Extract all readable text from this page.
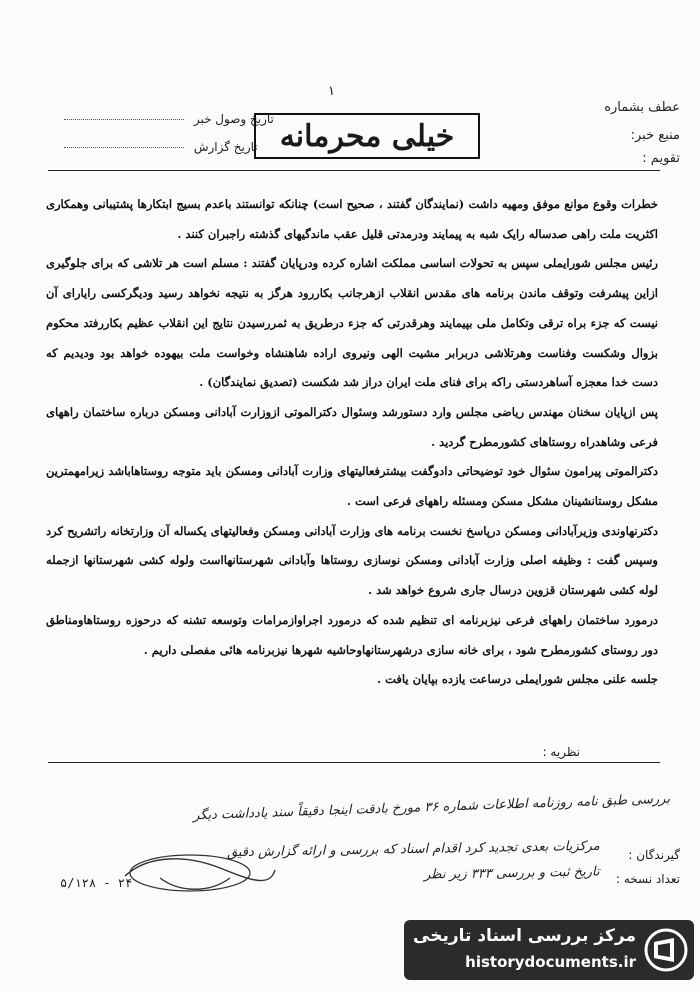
۱
عطف بشماره
منبع خبر:
تقویم :
تاریخ وصول خبر
تاریخ گزارش خیلی محرمانه

خطرات وقوع موانع موفق ومهیه داشت (نمایندگان گفتند ، صحیح است) چنانکه توانستند باعدم بسیج ابتکارها پشتیبانی وهمکاری اکثریت ملت راهی صدساله رایک شبه به پیمایند ودرمدتی قلیل عقب ماندگیهای گذشته راجبران کنند .

رئیس مجلس شورایملی سپس به تحولات اساسی مملکت اشاره کرده ودرپایان گفتند : مسلم است هر تلاشی که برای جلوگیری ازاین پیشرفت وتوقف ماندن برنامه های مقدس انقلاب ازهرجانب بکاررود هرگز به نتیجه نخواهد رسید ودیگرکسی رایارای آن نیست که جزء براه ترقی وتکامل ملی بپیمایند وهرقدرتی که جزء درطریق به ثمررسیدن نتایج این انقلاب عظیم بکاررفتد محکوم بزوال وشکست وفناست وهرتلاشی دربرابر مشیت الهی ونیروی اراده شاهنشاه وخواست ملت بیهوده خواهد بود ودیدیم که دست خدا معجزه آساهردستی راکه برای فنای ملت ایران دراز شد شکست (تصدیق نمایندگان) .

پس ازپایان سخنان مهندس ریاضی مجلس وارد دستورشد وسئوال دکترالموتی ازوزارت آبادانی ومسکن درباره ساختمان راههای فرعی وشاهدراه روستاهای کشورمطرح گردید .

دکترالموتی پیرامون سئوال خود توضیحاتی دادوگفت بیشترفعالیتهای وزارت آبادانی ومسکن باید متوجه روستاهاباشد زیرامهمترین مشکل روستانشینان مشکل مسکن ومسئله راههای فرعی است .

دکترنهاوندی وزیرآبادانی ومسکن درپاسخ نخست برنامه های وزارت آبادانی ومسکن وفعالیتهای یکساله آن وزارتخانه راتشریح کرد وسپس گفت : وظیفه اصلی وزارت آبادانی ومسکن نوسازی روستاها وآبادانی شهرستانهااست ولوله کشی شهرستانها ازجمله لوله کشی شهرستان قزوین درسال جاری شروع خواهد شد .

درمورد ساختمان راههای فرعی نیزبرنامه ای تنظیم شده که درمورد اجراوازمرامات وتوسعه تشنه که درحوزه روستاهاومناطق دور روستای کشورمطرح شود ، برای خانه سازی درشهرستانهاوحاشیه شهرها نیزبرنامه هائی مفصلی داریم .

جلسه علنی مجلس شورایملی درساعت یازده بپایان یافت .

نظریه :
بررسی طبق نامه روزنامه اطلاعات شماره ۳۶ مورخ بادقت اینجا دقیقاً سند یادداشت دیگر
گیرندگان :
مرکزیات بعدی تجدید کرد اقدام اسناد که بررسی و ارائه گزارش دقیق
تعداد نسخه :
تاریخ ثبت و بررسی ۳۳۳ زیر نظر
۵/۱۲۸ - ۲۴
مرکز بررسی اسناد تاریخی
historydocuments.ir
